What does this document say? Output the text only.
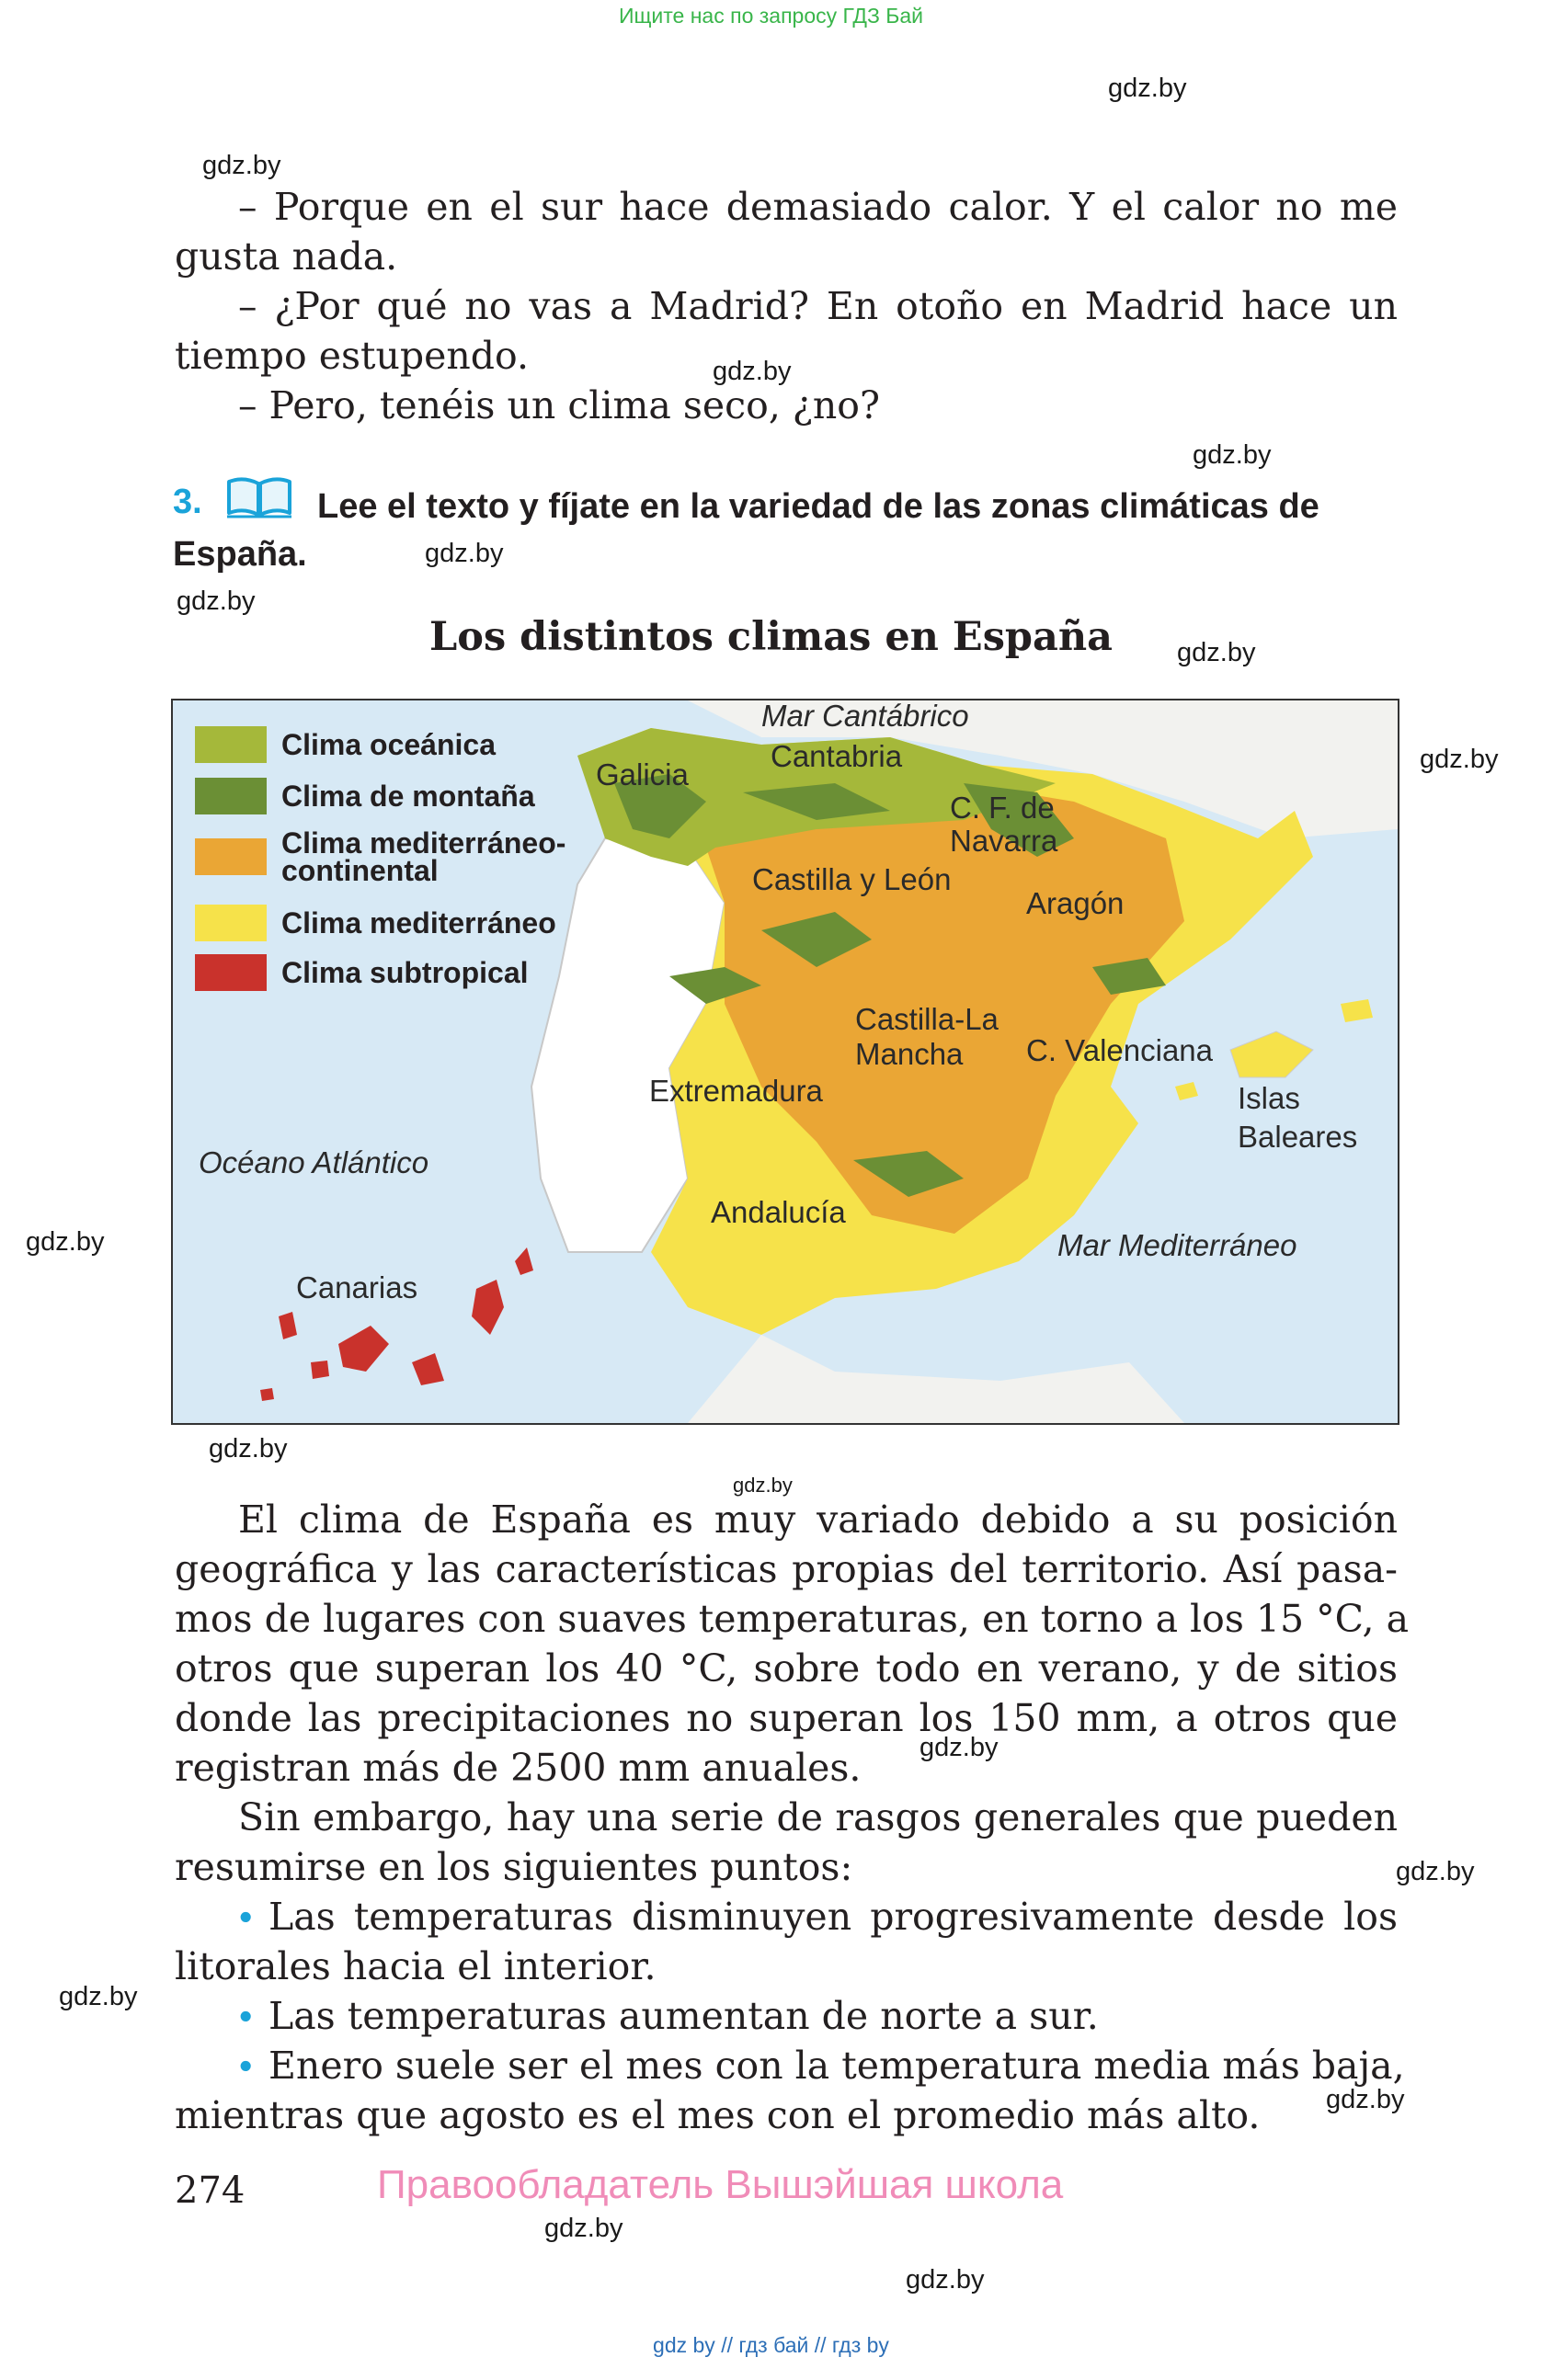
Ищите нас по запросу ГДЗ Бай
gdz.by
gdz.by
gdz.by
gdz.by
gdz.by
gdz.by
gdz.by
gdz.by
gdz.by
gdz.by
gdz.by
gdz.by
gdz.by
gdz.by
gdz.by
gdz.by
gdz.by
– Porque en el sur hace demasiado calor. Y el calor no me
gusta nada.
– ¿Por qué no vas a Madrid? En otoño en Madrid hace un
tiempo estupendo.
– Pero, tenéis un clima seco, ¿no?
3.	Lee el texto y fíjate en la variedad de las zonas climáticas de
España.
Los distintos climas en España
Clima oceánica
Clima de montaña
Clima mediterráneo-
continental
Clima mediterráneo
Clima subtropical
Mar Cantábrico
Galicia
Cantabria
C. F. de
Navarra
Castilla y León
Aragón
Castilla-La
Mancha C. Valenciana
Extremadura	Islas
Baleares
Océano Atlántico
Andalucía
Mar Mediterráneo
Canarias
El clima de España es muy variado debido a su posición
geográfica y las características propias del territorio. Así pasa-
mos de lugares con suaves temperaturas, en torno a los 15 °C, a
otros que superan los 40 °C, sobre todo en verano, y de sitios
donde las precipitaciones no superan los 150 mm, a otros que
registran más de 2500 mm anuales.
Sin embargo, hay una serie de rasgos generales que pueden
resumirse en los siguientes puntos:
• Las temperaturas disminuyen progresivamente desde los
litorales hacia el interior.
• Las temperaturas aumentan de norte a sur.
• Enero suele ser el mes con la temperatura media más baja,
mientras que agosto es el mes con el promedio más alto.
274	Правообладатель Вышэйшая школа
gdz by // гдз бай // гдз by
